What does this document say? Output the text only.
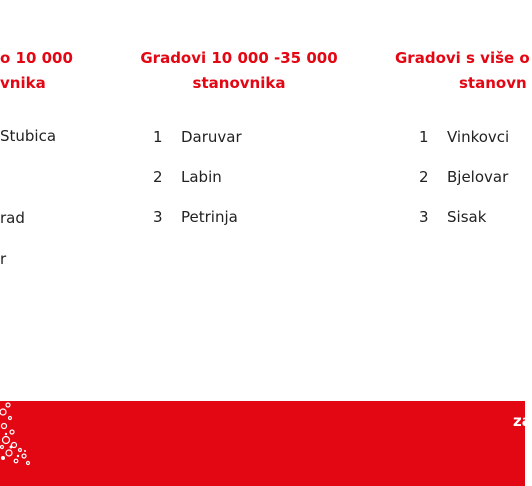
o 10 000
vnika
Stubica
rad
r
Gradovi 10 000 -35 000
stanovnika
1 Daruvar
2 Labin
3 Petrinja
Gradovi s više o
stanovn
1 Vinkovci
2 Bjelovar
3 Sisak
za
